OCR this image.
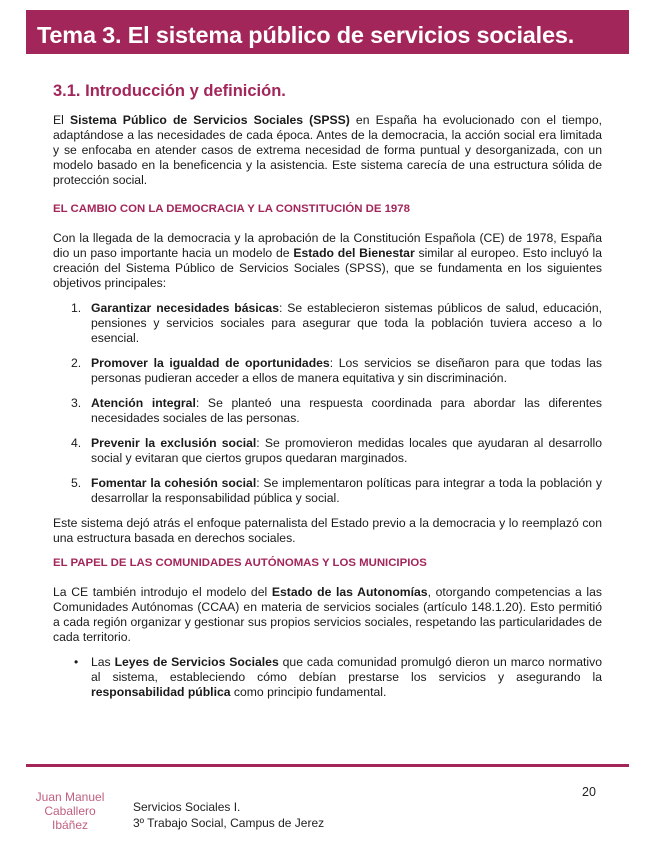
Tema 3. El sistema público de servicios sociales.
3.1. Introducción y definición.

El Sistema Público de Servicios Sociales (SPSS) en España ha evolucionado con el tiempo, adaptándose a las necesidades de cada época. Antes de la democracia, la acción social era limitada y se enfocaba en atender casos de extrema necesidad de forma puntual y desorganizada, con un modelo basado en la beneficencia y la asistencia. Este sistema carecía de una estructura sólida de protección social.

EL CAMBIO CON LA DEMOCRACIA Y LA CONSTITUCIÓN DE 1978

Con la llegada de la democracia y la aprobación de la Constitución Española (CE) de 1978, España dio un paso importante hacia un modelo de Estado del Bienestar similar al europeo. Esto incluyó la creación del Sistema Público de Servicios Sociales (SPSS), que se fundamenta en los siguientes objetivos principales:

1. Garantizar necesidades básicas: Se establecieron sistemas públicos de salud, educación, pensiones y servicios sociales para asegurar que toda la población tuviera acceso a lo esencial.
2. Promover la igualdad de oportunidades: Los servicios se diseñaron para que todas las personas pudieran acceder a ellos de manera equitativa y sin discriminación.
3. Atención integral: Se planteó una respuesta coordinada para abordar las diferentes necesidades sociales de las personas.
4. Prevenir la exclusión social: Se promovieron medidas locales que ayudaran al desarrollo social y evitaran que ciertos grupos quedaran marginados.
5. Fomentar la cohesión social: Se implementaron políticas para integrar a toda la población y desarrollar la responsabilidad pública y social.

Este sistema dejó atrás el enfoque paternalista del Estado previo a la democracia y lo reemplazó con una estructura basada en derechos sociales.

EL PAPEL DE LAS COMUNIDADES AUTÓNOMAS Y LOS MUNICIPIOS

La CE también introdujo el modelo del Estado de las Autonomías, otorgando competencias a las Comunidades Autónomas (CCAA) en materia de servicios sociales (artículo 148.1.20). Esto permitió a cada región organizar y gestionar sus propios servicios sociales, respetando las particularidades de cada territorio.

• Las Leyes de Servicios Sociales que cada comunidad promulgó dieron un marco normativo al sistema, estableciendo cómo debían prestarse los servicios y asegurando la responsabilidad pública como principio fundamental.
20
Juan Manuel
Caballero
Ibáñez
Servicios Sociales I.
3º Trabajo Social, Campus de Jerez
